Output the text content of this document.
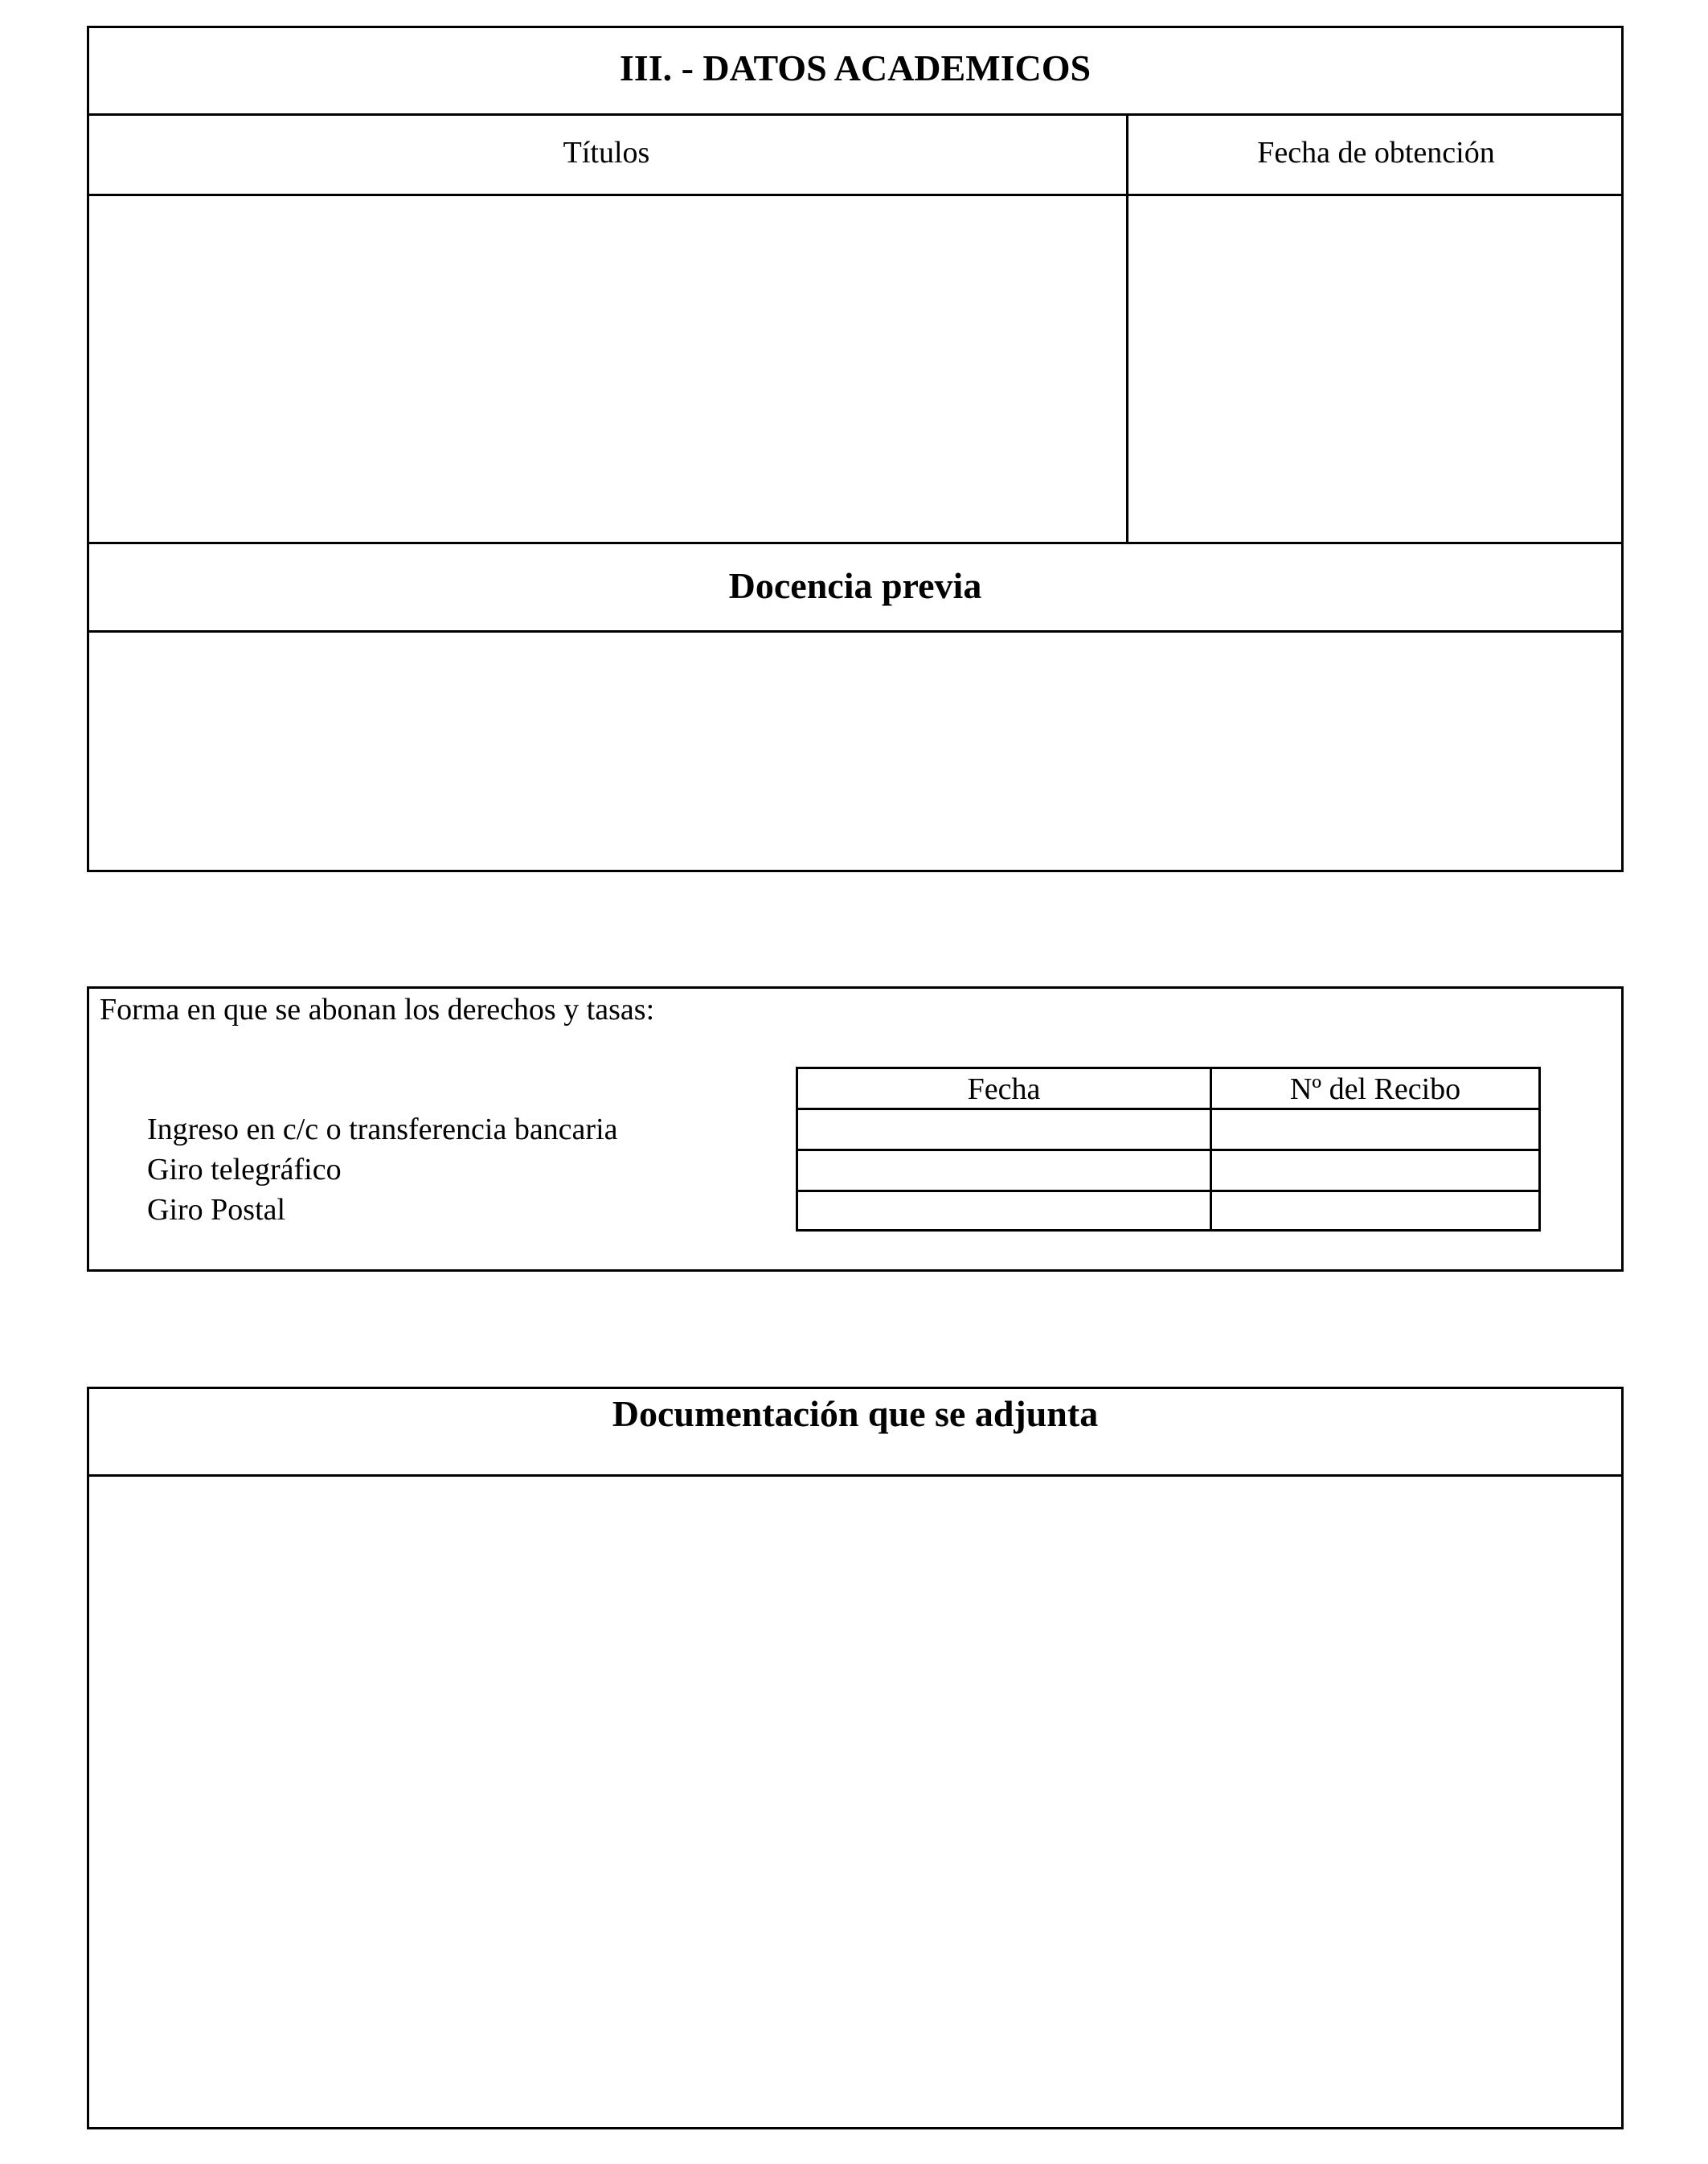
III. - DATOS ACADEMICOS
Títulos	Fecha de obtención
Docencia previa
Forma en que se abonan los derechos y tasas:
Ingreso en c/c o transferencia bancaria
Giro telegráfico
Giro Postal
Fecha	Nº del Recibo
Documentación que se adjunta
